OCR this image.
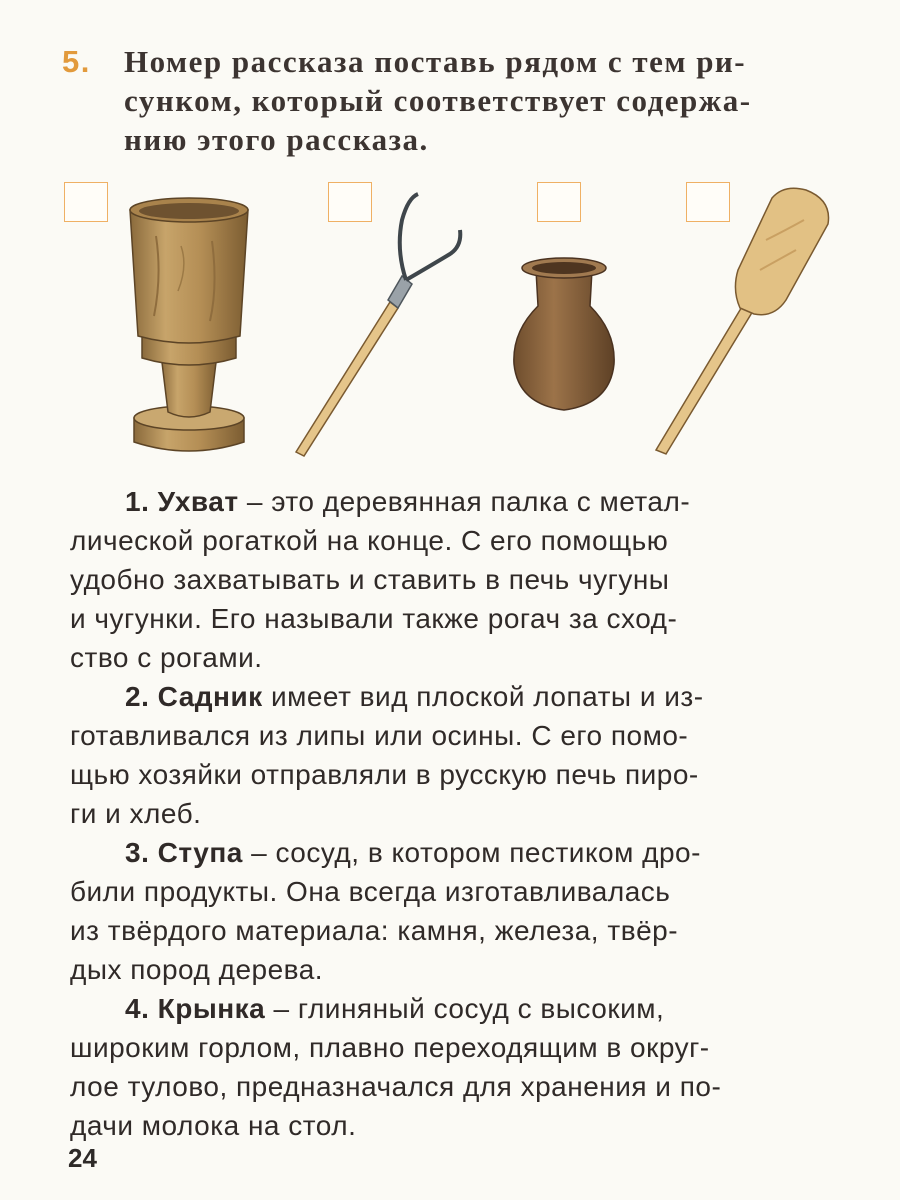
5. Номер рассказа поставь рядом с тем ри-
сунком, который соответствует содержа-
нию этого рассказа.
1. Ухват – это деревянная палка с метал-
лической рогаткой на конце. С его помощью
удобно захватывать и ставить в печь чугуны
и чугунки. Его называли также рогач за сход-
ство с рогами.
2. Садник имеет вид плоской лопаты и из-
готавливался из липы или осины. С его помо-
щью хозяйки отправляли в русскую печь пиро-
ги и хлеб.
3. Ступа – сосуд, в котором пестиком дро-
били продукты. Она всегда изготавливалась
из твёрдого материала: камня, железа, твёр-
дых пород дерева.
4. Крынка – глиняный сосуд с высоким,
широким горлом, плавно переходящим в округ-
лое тулово, предназначался для хранения и по-
дачи молока на стол.
24
